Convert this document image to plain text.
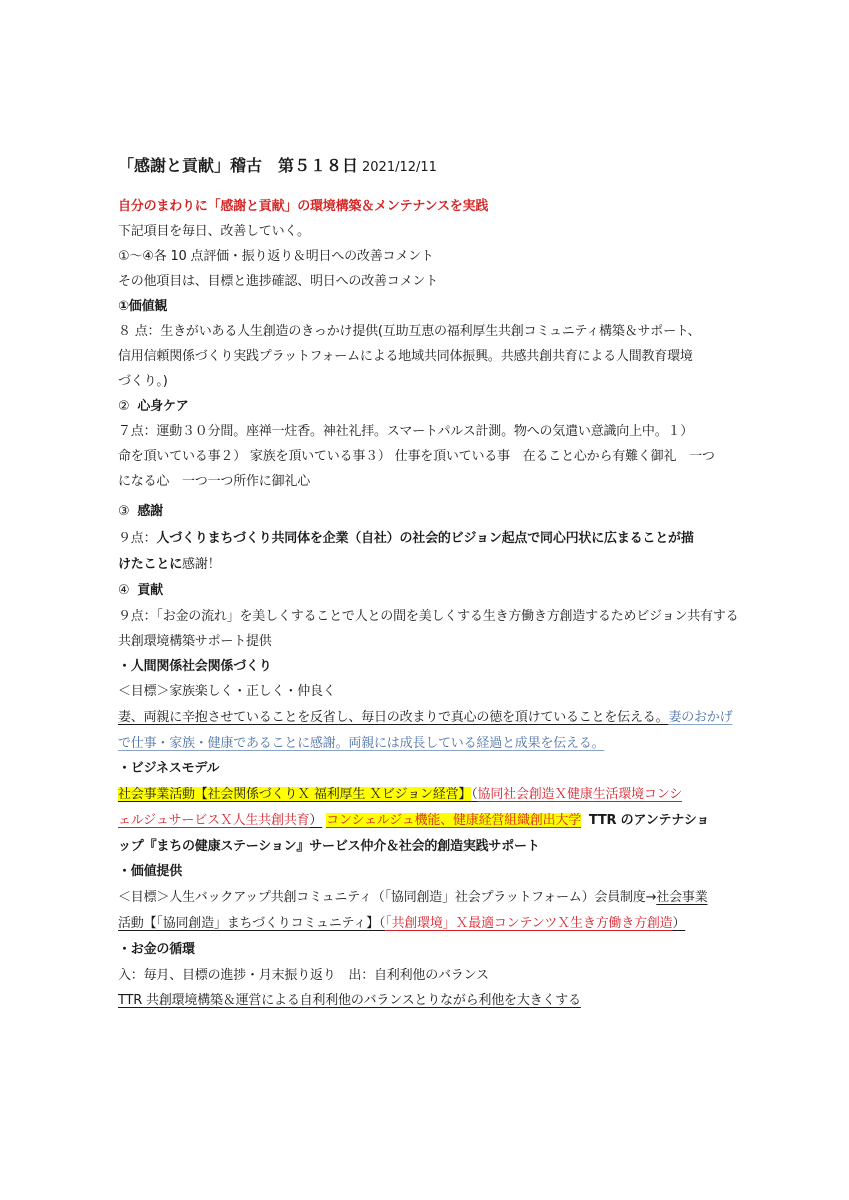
「感謝と貢献」稽古　第５１８日 2021/12/11
自分のまわりに「感謝と貢献」の環境構築＆メンテナンスを実践
下記項目を毎日、改善していく。
①～④各 10 点評価・振り返り＆明日への改善コメント
その他項目は、目標と進捗確認、明日への改善コメント
①価値観
８ 点：生きがいある人生創造のきっかけ提供(互助互恵の福利厚生共創コミュニティ構築＆サポート、
信用信頼関係づくり実践プラットフォームによる地域共同体振興。共感共創共育による人間教育環境
づくり。)
② 心身ケア
７点：運動３０分間。座禅一炷香。神社礼拝。スマートパルス計測。物への気遣い意識向上中。１）
命を頂いている事２） 家族を頂いている事３） 仕事を頂いている事　在ること心から有難く御礼　一つ
になる心　一つ一つ所作に御礼心
③ 感謝
９点：人づくりまちづくり共同体を企業（自社）の社会的ビジョン起点で同心円状に広まることが描
けたことに感謝！
④ 貢献
９点：「お金の流れ」を美しくすることで人との間を美しくする生き方働き方創造するためビジョン共有する
共創環境構築サポート提供
・人間関係社会関係づくり
＜目標＞家族楽しく・正しく・仲良く
妻、両親に辛抱させていることを反省し、毎日の改まりで真心の徳を頂けていることを伝える。妻のおかげ
で仕事・家族・健康であることに感謝。両親には成長している経過と成果を伝える。
・ビジネスモデル
社会事業活動【社会関係づくりＸ 福利厚生 Ｘビジョン経営】（協同社会創造Ｘ健康生活環境コンシ
ェルジュサービスＸ人生共創共育） コンシェルジュ機能、健康経営組織創出大学 TTR のアンテナショ
ップ『まちの健康ステーション』サービス仲介＆社会的創造実践サポート
・価値提供
＜目標＞人生バックアップ共創コミュニティ（「協同創造」社会プラットフォーム）会員制度→社会事業
活動【「協同創造」まちづくりコミュニティ】（「共創環境」Ｘ最適コンテンツＸ生き方働き方創造）
・お金の循環
入：毎月、目標の進捗・月末振り返り　出：自利利他のバランス
TTR 共創環境構築＆運営による自利利他のバランスとりながら利他を大きくする
